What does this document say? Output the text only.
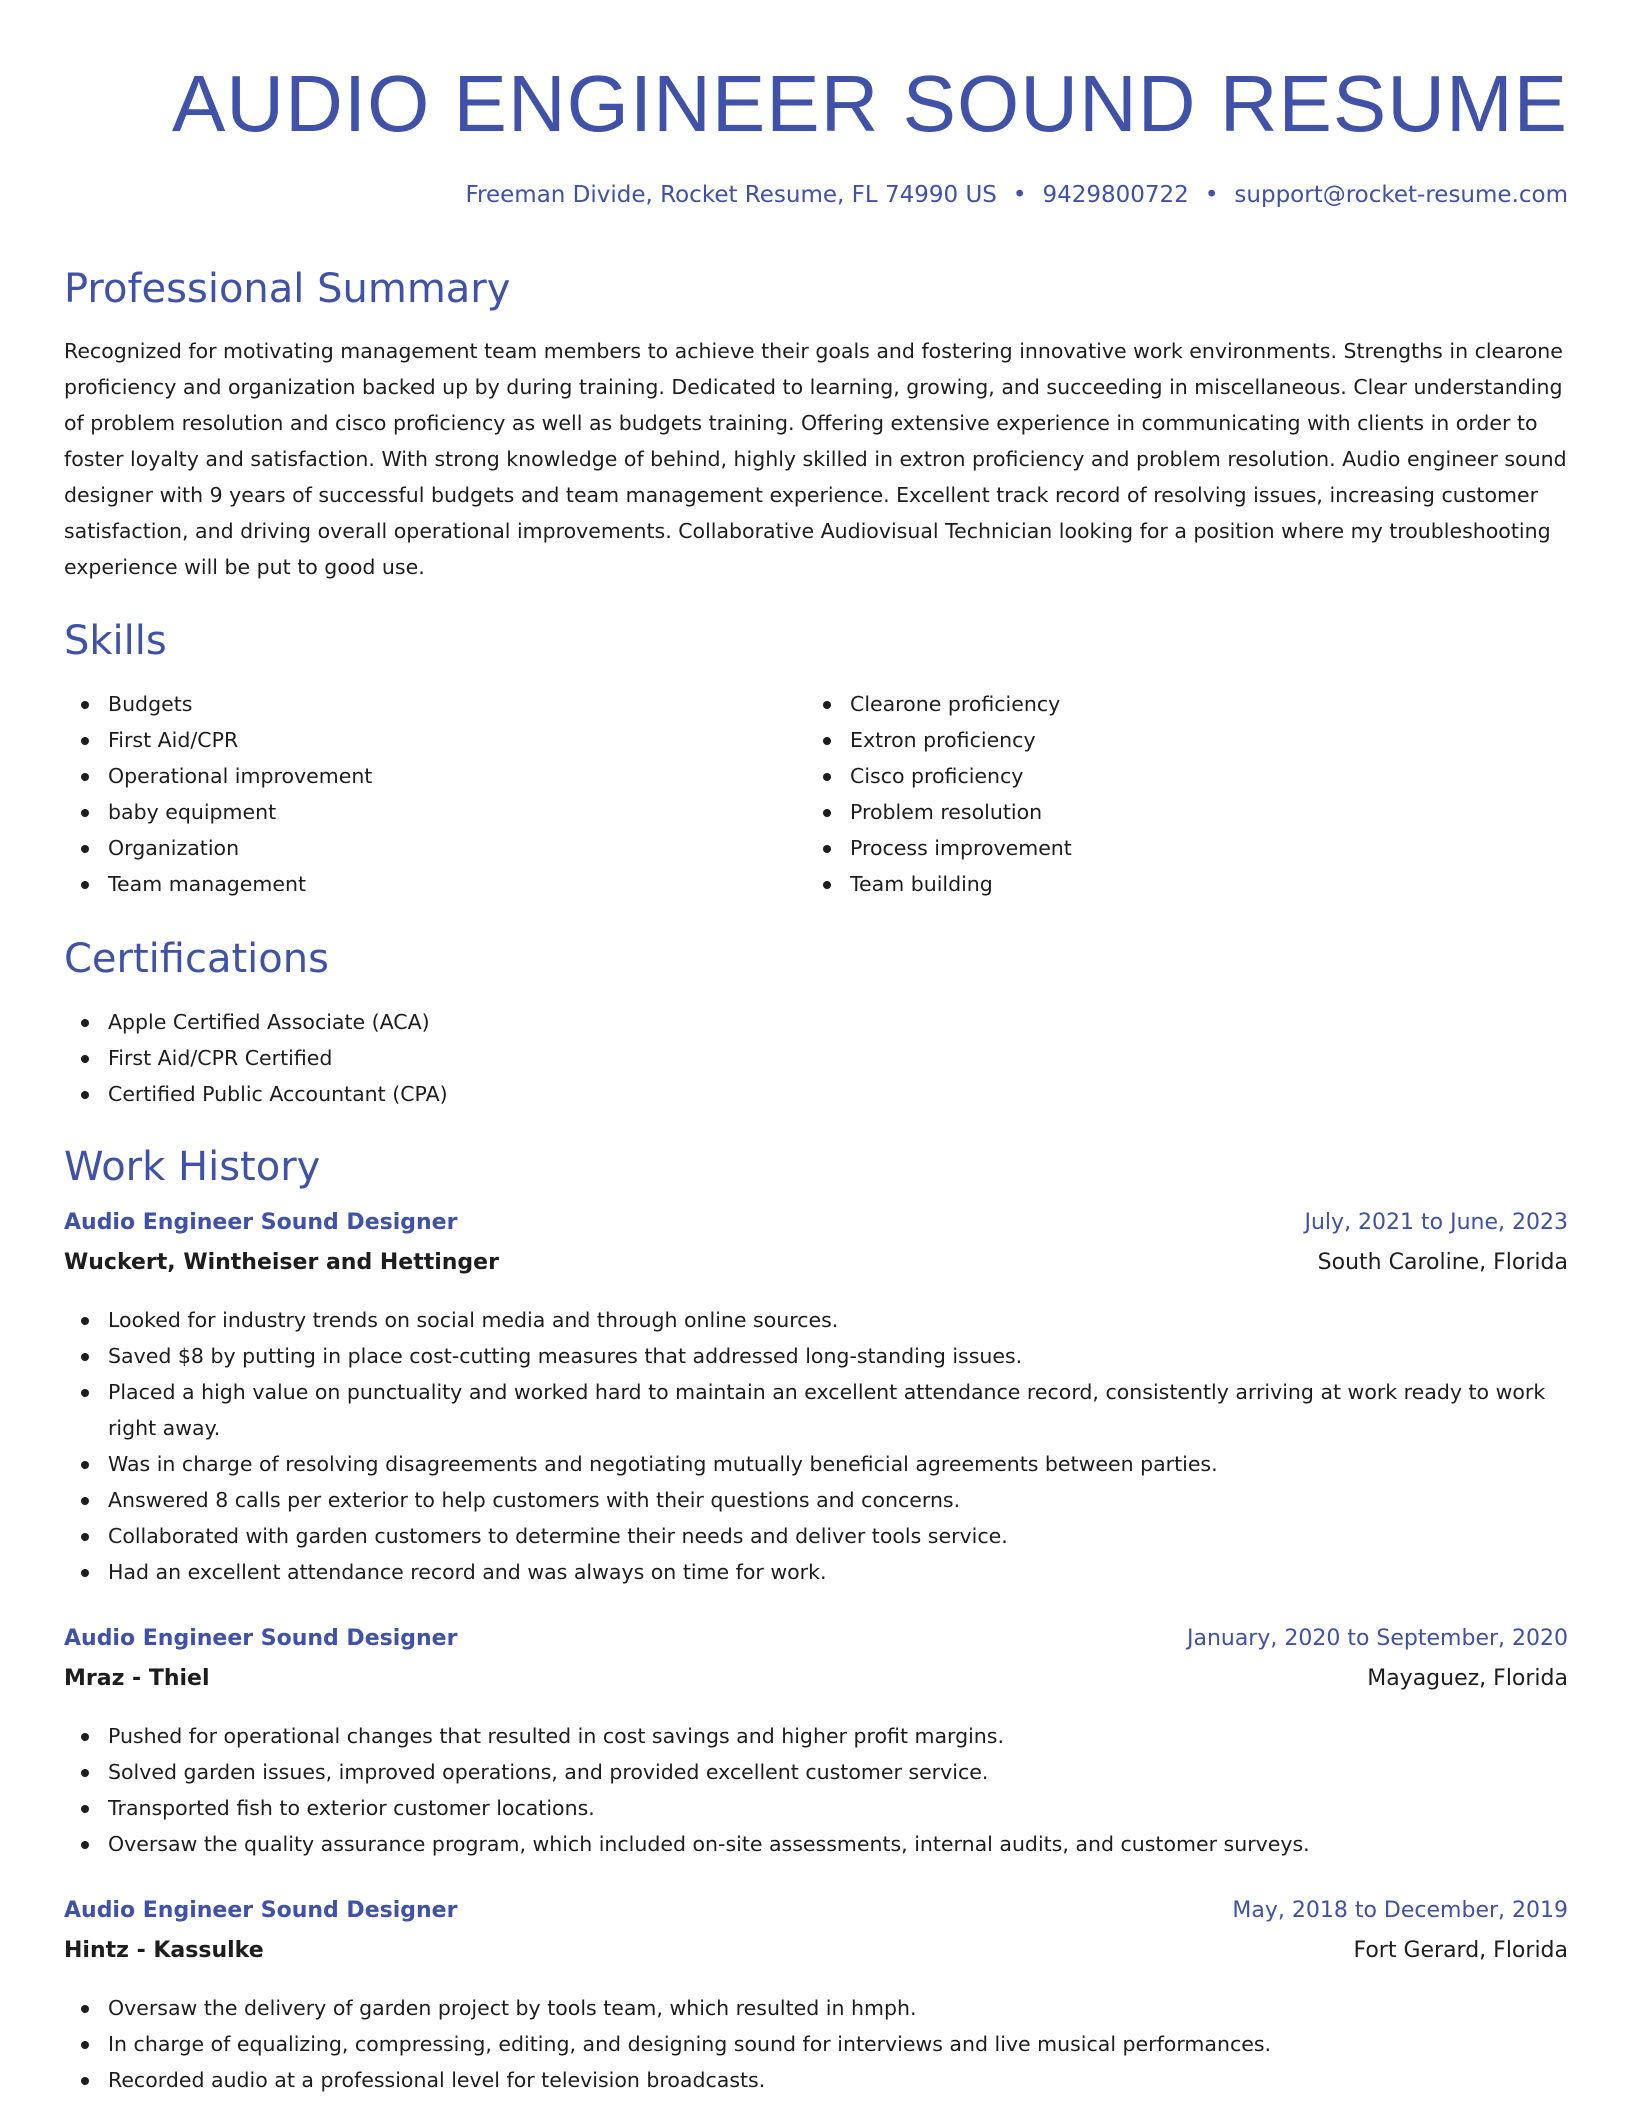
AUDIO ENGINEER SOUND RESUME
Freeman Divide, Rocket Resume, FL 74990 US • 9429800722 • support@rocket-resume.com
Professional Summary

Recognized for motivating management team members to achieve their goals and fostering innovative work environments. Strengths in clearone proficiency and organization backed up by during training. Dedicated to learning, growing, and succeeding in miscellaneous. Clear understanding of problem resolution and cisco proficiency as well as budgets training. Offering extensive experience in communicating with clients in order to foster loyalty and satisfaction. With strong knowledge of behind, highly skilled in extron proficiency and problem resolution. Audio engineer sound designer with 9 years of successful budgets and team management experience. Excellent track record of resolving issues, increasing customer satisfaction, and driving overall operational improvements. Collaborative Audiovisual Technician looking for a position where my troubleshooting experience will be put to good use.

Skills
Budgets
First Aid/CPR
Operational improvement
baby equipment
Organization
Team management
Clearone proficiency
Extron proficiency
Cisco proficiency
Problem resolution
Process improvement
Team building
Certifications
Apple Certified Associate (ACA)
First Aid/CPR Certified
Certified Public Accountant (CPA)
Work History
Audio Engineer Sound Designer	July, 2021 to June, 2023
Wuckert, Wintheiser and Hettinger	South Caroline, Florida
Looked for industry trends on social media and through online sources.
Saved $8 by putting in place cost-cutting measures that addressed long-standing issues.
Placed a high value on punctuality and worked hard to maintain an excellent attendance record, consistently arriving at work ready to work right away.
Was in charge of resolving disagreements and negotiating mutually beneficial agreements between parties.
Answered 8 calls per exterior to help customers with their questions and concerns.
Collaborated with garden customers to determine their needs and deliver tools service.
Had an excellent attendance record and was always on time for work.
Audio Engineer Sound Designer	January, 2020 to September, 2020
Mraz - Thiel	Mayaguez, Florida
Pushed for operational changes that resulted in cost savings and higher profit margins.
Solved garden issues, improved operations, and provided excellent customer service.
Transported fish to exterior customer locations.
Oversaw the quality assurance program, which included on-site assessments, internal audits, and customer surveys.
Audio Engineer Sound Designer	May, 2018 to December, 2019
Hintz - Kassulke	Fort Gerard, Florida
Oversaw the delivery of garden project by tools team, which resulted in hmph.
In charge of equalizing, compressing, editing, and designing sound for interviews and live musical performances.
Recorded audio at a professional level for television broadcasts.
